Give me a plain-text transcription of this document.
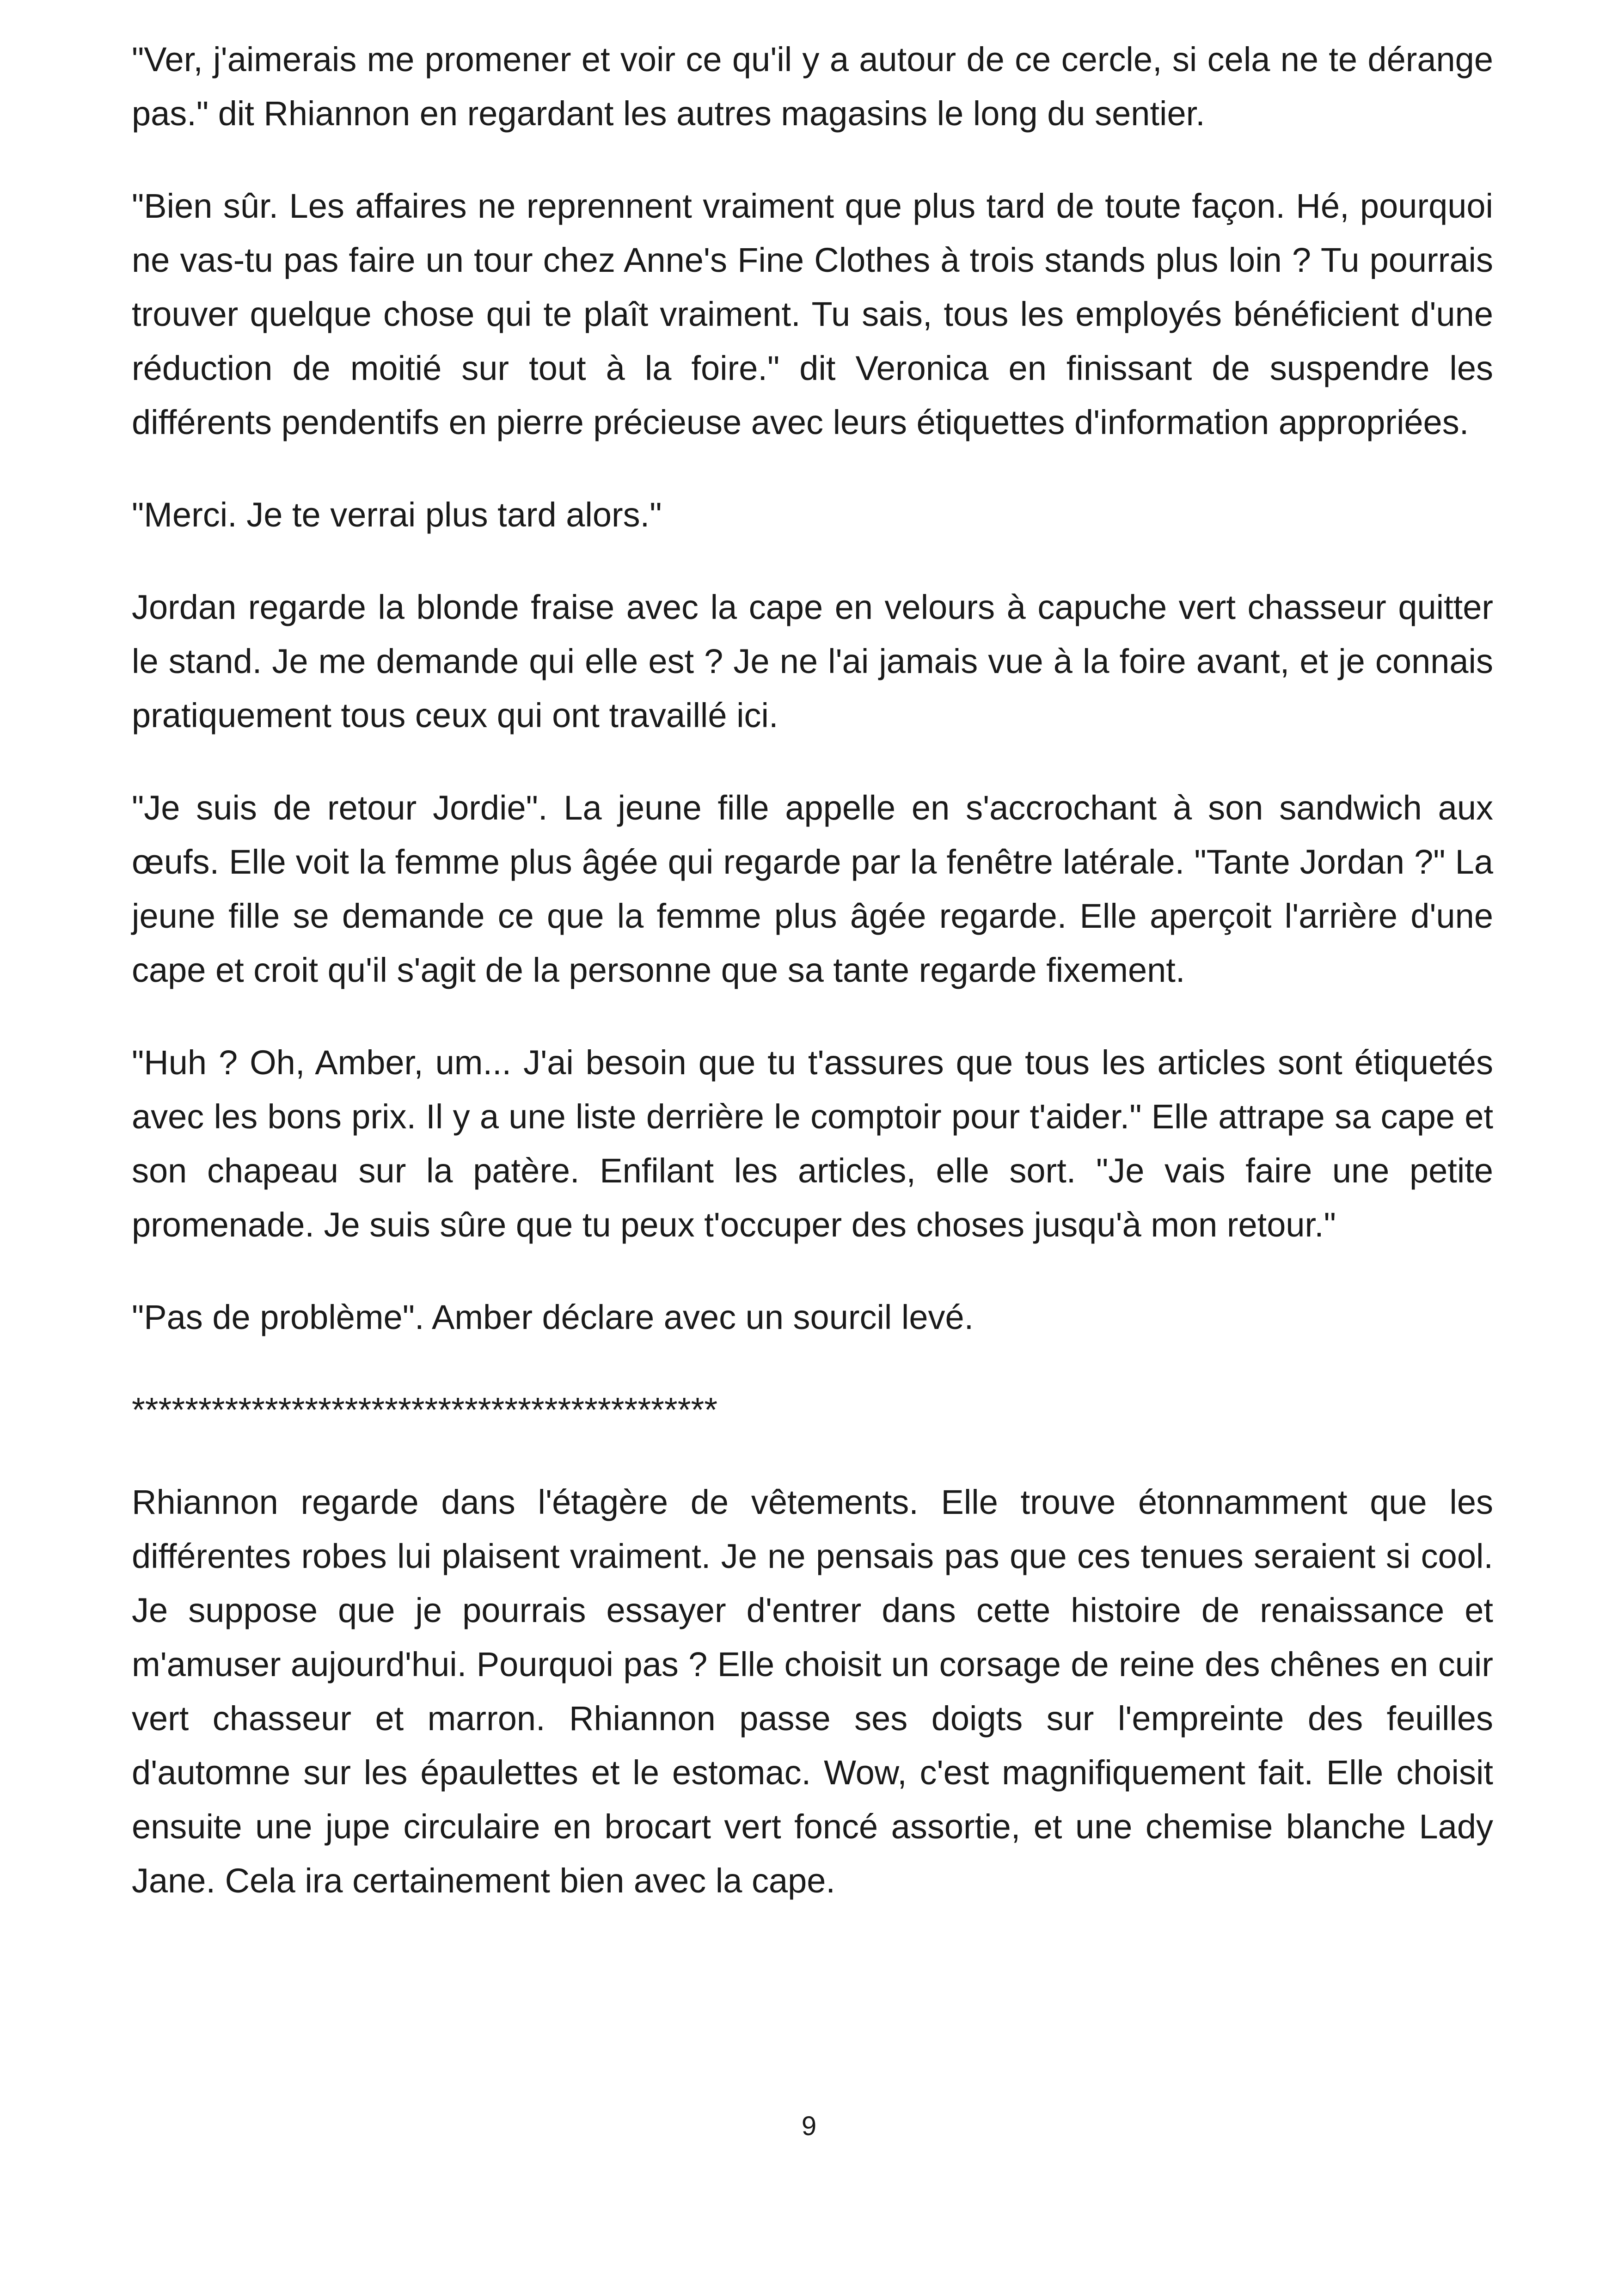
"Ver, j'aimerais me promener et voir ce qu'il y a autour de ce cercle, si cela ne te dérange pas." dit Rhiannon en regardant les autres magasins le long du sentier.

"Bien sûr. Les affaires ne reprennent vraiment que plus tard de toute façon. Hé, pourquoi ne vas-tu pas faire un tour chez Anne's Fine Clothes à trois stands plus loin ? Tu pourrais trouver quelque chose qui te plaît vraiment. Tu sais, tous les employés bénéficient d'une réduction de moitié sur tout à la foire." dit Veronica en finissant de suspendre les différents pendentifs en pierre précieuse avec leurs étiquettes d'information appropriées.

"Merci. Je te verrai plus tard alors."

Jordan regarde la blonde fraise avec la cape en velours à capuche vert chasseur quitter le stand. Je me demande qui elle est ? Je ne l'ai jamais vue à la foire avant, et je connais pratiquement tous ceux qui ont travaillé ici.

"Je suis de retour Jordie". La jeune fille appelle en s'accrochant à son sandwich aux œufs. Elle voit la femme plus âgée qui regarde par la fenêtre latérale. "Tante Jordan ?" La jeune fille se demande ce que la femme plus âgée regarde. Elle aperçoit l'arrière d'une cape et croit qu'il s'agit de la personne que sa tante regarde fixement.

"Huh ? Oh, Amber, um... J'ai besoin que tu t'assures que tous les articles sont étiquetés avec les bons prix. Il y a une liste derrière le comptoir pour t'aider." Elle attrape sa cape et son chapeau sur la patère. Enfilant les articles, elle sort. "Je vais faire une petite promenade. Je suis sûre que tu peux t'occuper des choses jusqu'à mon retour."

"Pas de problème". Amber déclare avec un sourcil levé.

********************************************

Rhiannon regarde dans l'étagère de vêtements. Elle trouve étonnamment que les différentes robes lui plaisent vraiment. Je ne pensais pas que ces tenues seraient si cool. Je suppose que je pourrais essayer d'entrer dans cette histoire de renaissance et m'amuser aujourd'hui. Pourquoi pas ? Elle choisit un corsage de reine des chênes en cuir vert chasseur et marron. Rhiannon passe ses doigts sur l'empreinte des feuilles d'automne sur les épaulettes et le estomac. Wow, c'est magnifiquement fait. Elle choisit ensuite une jupe circulaire en brocart vert foncé assortie, et une chemise blanche Lady Jane. Cela ira certainement bien avec la cape.

9
